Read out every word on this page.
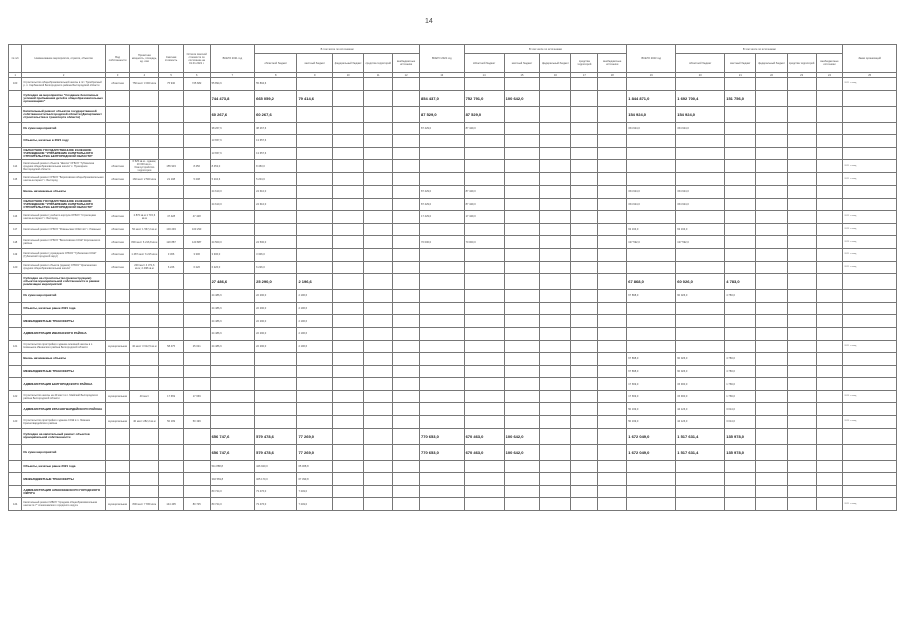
14
№ п/п	Наименование мероприятия, отрасли, объектов	Вид собственности	Проектная мощность, площадь, ед. изм	Сметная стоимость	Остаток сметной стоимости по состоянию на 01.01.2021 г.	ВСЕГО 2021 год	В том числе по источникам					ВСЕГО 2022 год	В том числе по источникам					ВСЕГО 2023 год	В том числе по источникам					Заказ организаций
							областной бюджет	местный бюджет	федеральный бюджет	средства территорий	внебюджетные источники		областной бюджет	местный бюджет	федеральный бюджет	средства территорий	внебюджетные источники		областной бюджет	местный бюджет	федеральный бюджет	средства территорий	внебюджетные источники	
1	2	3	4	5	6	7	8	9	10	11	12	13	14	15	16	17	18	19	20	21	22	23	24	25
103	Строительство общеобразовательной школы в пгт. Троебратный р. п. Сарбашской Белгородского района Белгородской области	областная	750 мест 3 000 кв.м	75 940	725 682	55 894,6	55 894,6																	2021 г. ввод
	Субсидия на мероприятие "Создание безопасных условий пребывания детей в общеобразовательных организациях"					744 473,8	665 059,2	79 414,6				854 437,0	752 791,0	100 642,0				1 844 871,0	1 692 700,4	151 756,0				
	Капитальный ремонт объектов государственной собственности Белгородской области (Департамент строительства и транспорта области)					60 267,6	60 267,6					87 529,0	87 529,0					154 924,0	154 924,0					
	Из сумм мероприятий					38 267,6	38 267,6					87 429,0	87 429,0					154 924,0	154 924,0					
	Объекты, начатые в 2021 году					13 657,6	13 657,6																	
	ОБЛАСТНОЕ ГОСУДАРСТВЕННОЕ КАЗЕННОЕ УЧРЕЖДЕНИЕ "УПРАВЛЕНИЕ КАПИТАЛЬНОГО СТРОИТЕЛЬСТВА БЕЛГОРОДСКОЙ ОБЛАСТИ"					13 657,6	13 657,6																	
114	Капитальный ремонт объекта "Школа" ОГБОУ "Губкинская средняя общеобразовательная школа" с. Пушкарное Белгородской области	областная	6 525 кв.м - здание; 10 000 кв.м - благоустройство территории	155 933	8 456	8 453,0	8 453,0																	2021 г. ввод
115	Капитальный ремонт ОГБОУ "Борисовская общеобразовательная школа-интернат" г. Белгород	областная	160 мест 2 500 кв.м	21 108	5 208	5 204,6	5 204,6																	2021 г. ввод
	Вновь начинаемые объекты					24 610,0	24 610,0					87 429,0	87 429,0					154 924,0	154 924,0					
	ОБЛАСТНОЕ ГОСУДАРСТВЕННОЕ КАЗЕННОЕ УЧРЕЖДЕНИЕ "УПРАВЛЕНИЕ КАПИТАЛЬНОГО СТРОИТЕЛЬСТВА БЕЛГОРОДСКОЙ ОБЛАСТИ"					24 610,0	24 610,0					87 429,0	87 429,0					154 924,0	154 924,0					
116	Капитальный ремонт учебного корпуса ОГБОУ "Стрелецкая школа-интернат" г. Белгород	областная	2 870 кв.м 1 715,6 кв.м	47 428	47 428							17 429,0	17 429,0											2022 г. ввод
117	Капитальный ремонт ОГБОУ "Ровеньская СОШ №1" г. Ровеньки	областная	50 мест 1 567,2 кв.м	103 293	103 293													63 193,0	63 193,0					2023 г. ввод
118	Капитальный ремонт ОГБОУ "Веселовская СОШ" Корочанского района	областная	800 мест 6 216,8 кв.м	120 887	120 887	24 500,0	24 500,0					70 000,0	70 000,0					137 592,0	137 592,0					2023 г. ввод
119	Капитальный ремонт учреждения ОГБОУ "Губкинская СОШ" (Губкинский городской округ)	областная	1 487 мест 6 215 кв.м	3 306	3 306	3 306,0	3 306,0																	2021 г. ввод
120	Капитальный ремонт объекта (здание) ОГБОУ "Красненская средняя общеобразовательная школа"	областная	200 мест 4 371,6 кв.м; 2 498 кв.м	6 226	6 226	6 226,0	6 226,0																	2021 г. ввод
	Субсидии на строительство (реконструкцию) объектов муниципальной собственности в рамках реализации мероприятий					27 486,6	25 290,0	2 196,6										67 868,0	60 026,0	4 783,0				
	Из сумм мероприятий					24 486,6	22 290,0	2 196,6										67 868,0	60 026,0	4 783,0				
	Объекты, начатые ранее 2021 года					24 486,6	22 290,0	2 196,6																
	МЕЖБЮДЖЕТНЫЕ ТРАНСФЕРТЫ					24 486,6	22 290,0	2 196,6																
	АДМИНИСТРАЦИЯ ИВНЯНСКОГО РАЙОНА					24 486,6	22 290,0	2 196,6																
121	Строительство пристройки к зданию основной школы в с. Новенькое Ивнянского района Белгородской области	муниципальная	40 мест 3 612,5 кв.м	58 475	25 021	24 486,6	22 290,0	2 196,6																2021 г. ввод
	Вновь начинаемые объекты																	67 868,0	60 026,0	4 783,0				
	МЕЖБЮДЖЕТНЫЕ ТРАНСФЕРТЫ																	67 868,0	60 026,0	4 783,0				
	АДМИНИСТРАЦИЯ БЕЛГОРОДСКОГО РАЙОНА																	17 669,0	15 900,0	1 769,0				
122	Строительство школы на 40 мест в п. Майский Белгородского района Белгородской области	муниципальная	40 мест	17 669	17 669													17 669,0	15 900,0	1 769,0				2023 г. ввод
	АДМИНИСТРАЦИЯ КРАСНОГВАРДЕЙСКОГО РАЙОНА																	50 199,0	44 126,0	3 014,0				
123	Строительство пристройки к зданию СОШ в п. Ливенка Красногвардейского района	муниципальная	40 мест 282,2 кв.м	50 199	50 199													50 199,0	44 126,0	3 014,0				2023 г. ввод
	Субсидии на капитальный ремонт объектов муниципальной собственности					656 747,6	579 478,6	77 269,0				770 653,0	670 463,0	100 642,0				1 672 049,0	1 517 631,4	135 978,0				
	Из сумм мероприятий					656 747,6	579 478,6	77 269,0				770 653,0	670 463,0	100 642,0				1 672 049,0	1 517 631,4	135 978,0				
	Объекты, начатые ранее 2021 года					511 888,8	446 920,0	65 068,8																
	МЕЖБЮДЖЕТНЫЕ ТРАНСФЕРТЫ					392 569,8	325 170,0	67 399,8																
	АДМИНИСТРАЦИЯ АЛЕКСЕЕВСКОГО ГОРОДСКОГО ОКРУГА					80 724,0	73 476,0	7 249,0																
124	Капитальный ремонт МБОУ "Средняя общеобразовательная школа № 7" Алексеевского городского округа	муниципальная	800 мест 7 659 кв.м	144 495	80 725	80 724,0	73 476,0	7 249,0																2021 г. ввод
